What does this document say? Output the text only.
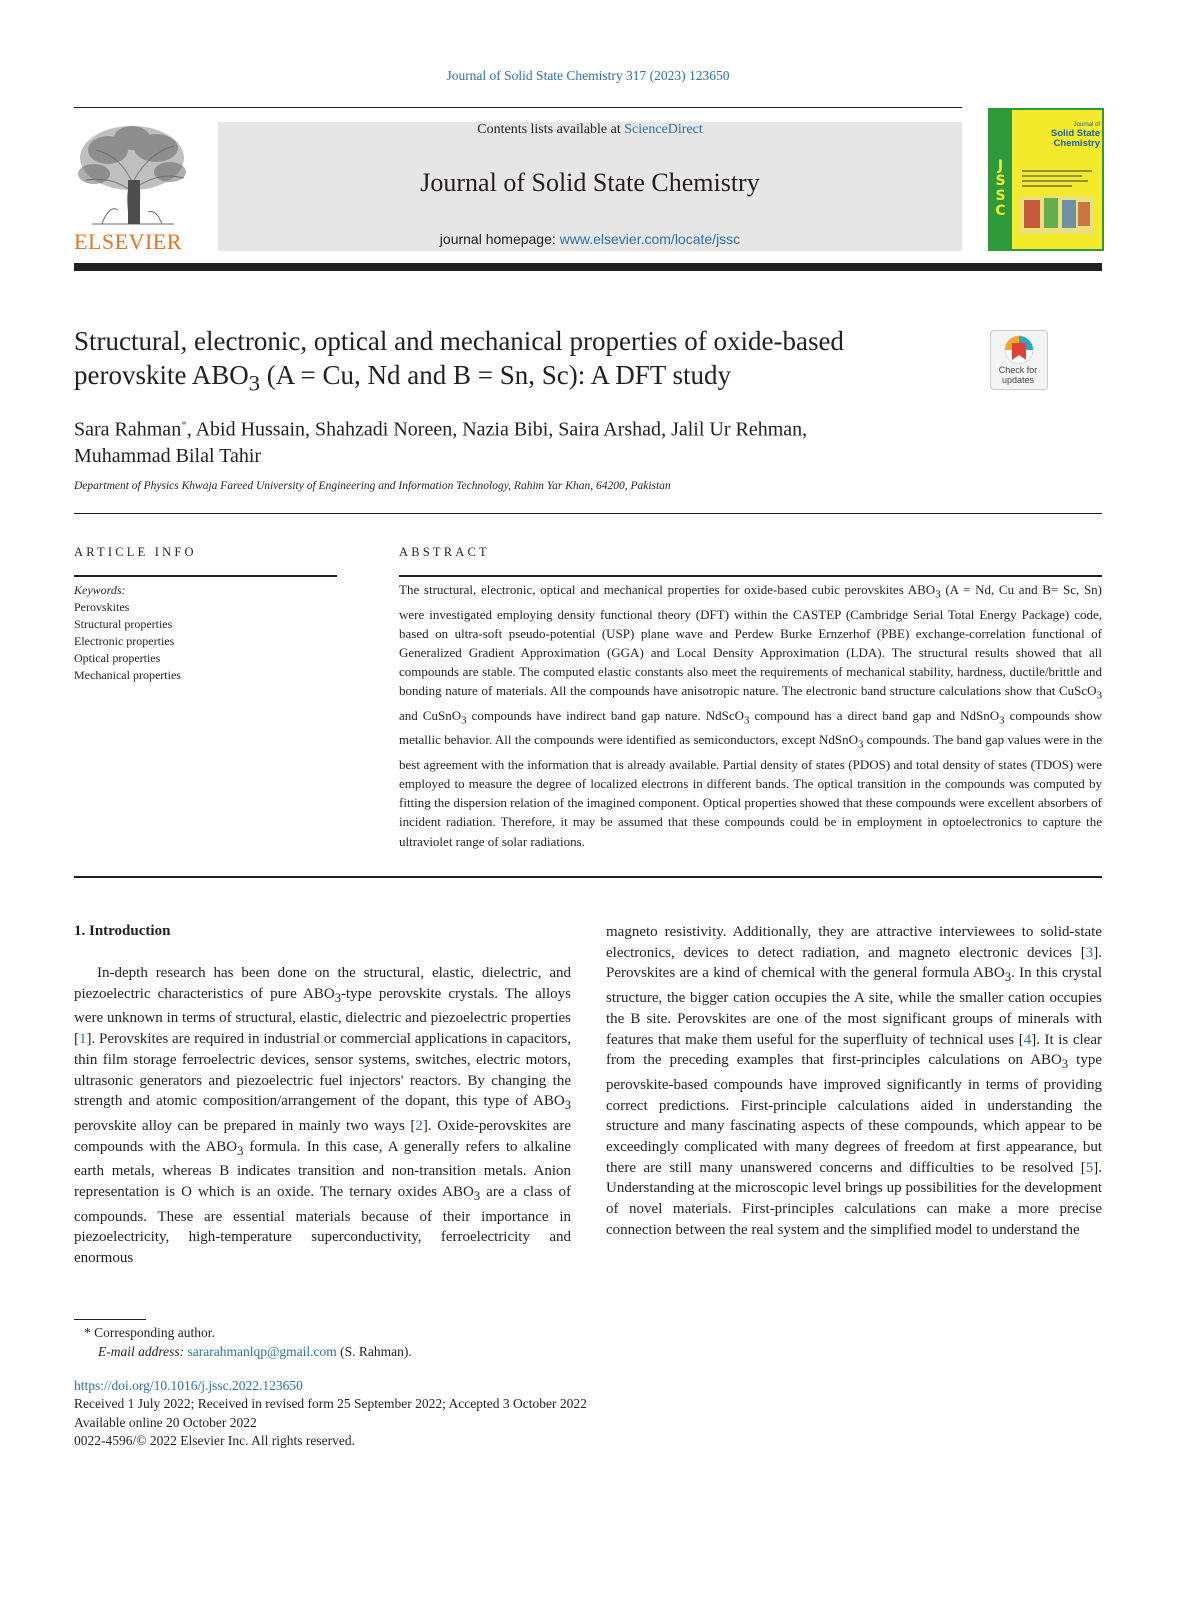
Journal of Solid State Chemistry 317 (2023) 123650
ELSEVIER
Contents lists available at ScienceDirect
Journal of Solid State Chemistry
journal homepage: www.elsevier.com/locate/jssc
Journal of
Solid State
Chemistry
JSSC
Structural, electronic, optical and mechanical properties of oxide-based perovskite $ABO_3$ (A = Cu, Nd and B = Sn, Sc): A DFT study	Check for
updates
Sara Rahman*, Abid Hussain, Shahzadi Noreen, Nazia Bibi, Saira Arshad, Jalil Ur Rehman,
Muhammad Bilal Tahir
Department of Physics Khwaja Fareed University of Engineering and Information Technology, Rahim Yar Khan, 64200, Pakistan
ARTICLE INFO	ABSTRACT
Keywords:
Perovskites
Structural properties
Electronic properties
Optical properties
Mechanical properties
The structural, electronic, optical and mechanical properties for oxide-based cubic perovskites $ABO_3$ (A = Nd, Cu and B= Sc, Sn) were investigated employing density functional theory (DFT) within the CASTEP (Cambridge Serial Total Energy Package) code, based on ultra-soft pseudo-potential (USP) plane wave and Perdew Burke Ernzerhof (PBE) exchange-correlation functional of Generalized Gradient Approximation (GGA) and Local Density Approximation (LDA). The structural results showed that all compounds are stable. The computed elastic constants also meet the requirements of mechanical stability, hardness, ductile/brittle and bonding nature of materials. All the compounds have anisotropic nature. The electronic band structure calculations show that CuScO$_3$ and CuSnO$_3$ compounds have indirect band gap nature. NdScO$_3$ compound has a direct band gap and NdSnO$_3$ compounds show metallic behavior. All the compounds were identified as semiconductors, except NdSnO$_3$ compounds. The band gap values were in the best agreement with the information that is already available. Partial density of states (PDOS) and total density of states (TDOS) were employed to measure the degree of localized electrons in different bands. The optical transition in the compounds was computed by fitting the dispersion relation of the imagined component. Optical properties showed that these compounds were excellent absorbers of incident radiation. Therefore, it may be assumed that these compounds could be in employment in optoelectronics to capture the ultraviolet range of solar radiations.
1. Introduction

In-depth research has been done on the structural, elastic, dielectric, and piezoelectric characteristics of pure $ABO_3$-type perovskite crystals. The alloys were unknown in terms of structural, elastic, dielectric and piezoelectric properties [1]. Perovskites are required in industrial or commercial applications in capacitors, thin film storage ferroelectric devices, sensor systems, switches, electric motors, ultrasonic generators and piezoelectric fuel injectors' reactors. By changing the strength and atomic composition/arrangement of the dopant, this type of $ABO_3$ perovskite alloy can be prepared in mainly two ways [2]. Oxide-perovskites are compounds with the $ABO_3$ formula. In this case, A generally refers to alkaline earth metals, whereas B indicates transition and non-transition metals. Anion representation is O which is an oxide. The ternary oxides $ABO_3$ are a class of compounds. These are essential materials because of their importance in piezoelectricity, high-temperature superconductivity, ferroelectricity and enormous

magneto resistivity. Additionally, they are attractive interviewees to solid-state electronics, devices to detect radiation, and magneto electronic devices [3]. Perovskites are a kind of chemical with the general formula $ABO_3$. In this crystal structure, the bigger cation occupies the A site, while the smaller cation occupies the B site. Perovskites are one of the most significant groups of minerals with features that make them useful for the superfluity of technical uses [4]. It is clear from the preceding examples that first-principles calculations on $ABO_3$ type perovskite-based compounds have improved significantly in terms of providing correct predictions. First-principle calculations aided in understanding the structure and many fascinating aspects of these compounds, which appear to be exceedingly complicated with many degrees of freedom at first appearance, but there are still many unanswered concerns and difficulties to be resolved [5]. Understanding at the microscopic level brings up possibilities for the development of novel materials. First-principles calculations can make a more precise connection between the real system and the simplified model to understand the

* Corresponding author.
E-mail address: sararahmanlqp@gmail.com (S. Rahman).
https://doi.org/10.1016/j.jssc.2022.123650
Received 1 July 2022; Received in revised form 25 September 2022; Accepted 3 October 2022
Available online 20 October 2022
0022-4596/© 2022 Elsevier Inc. All rights reserved.
